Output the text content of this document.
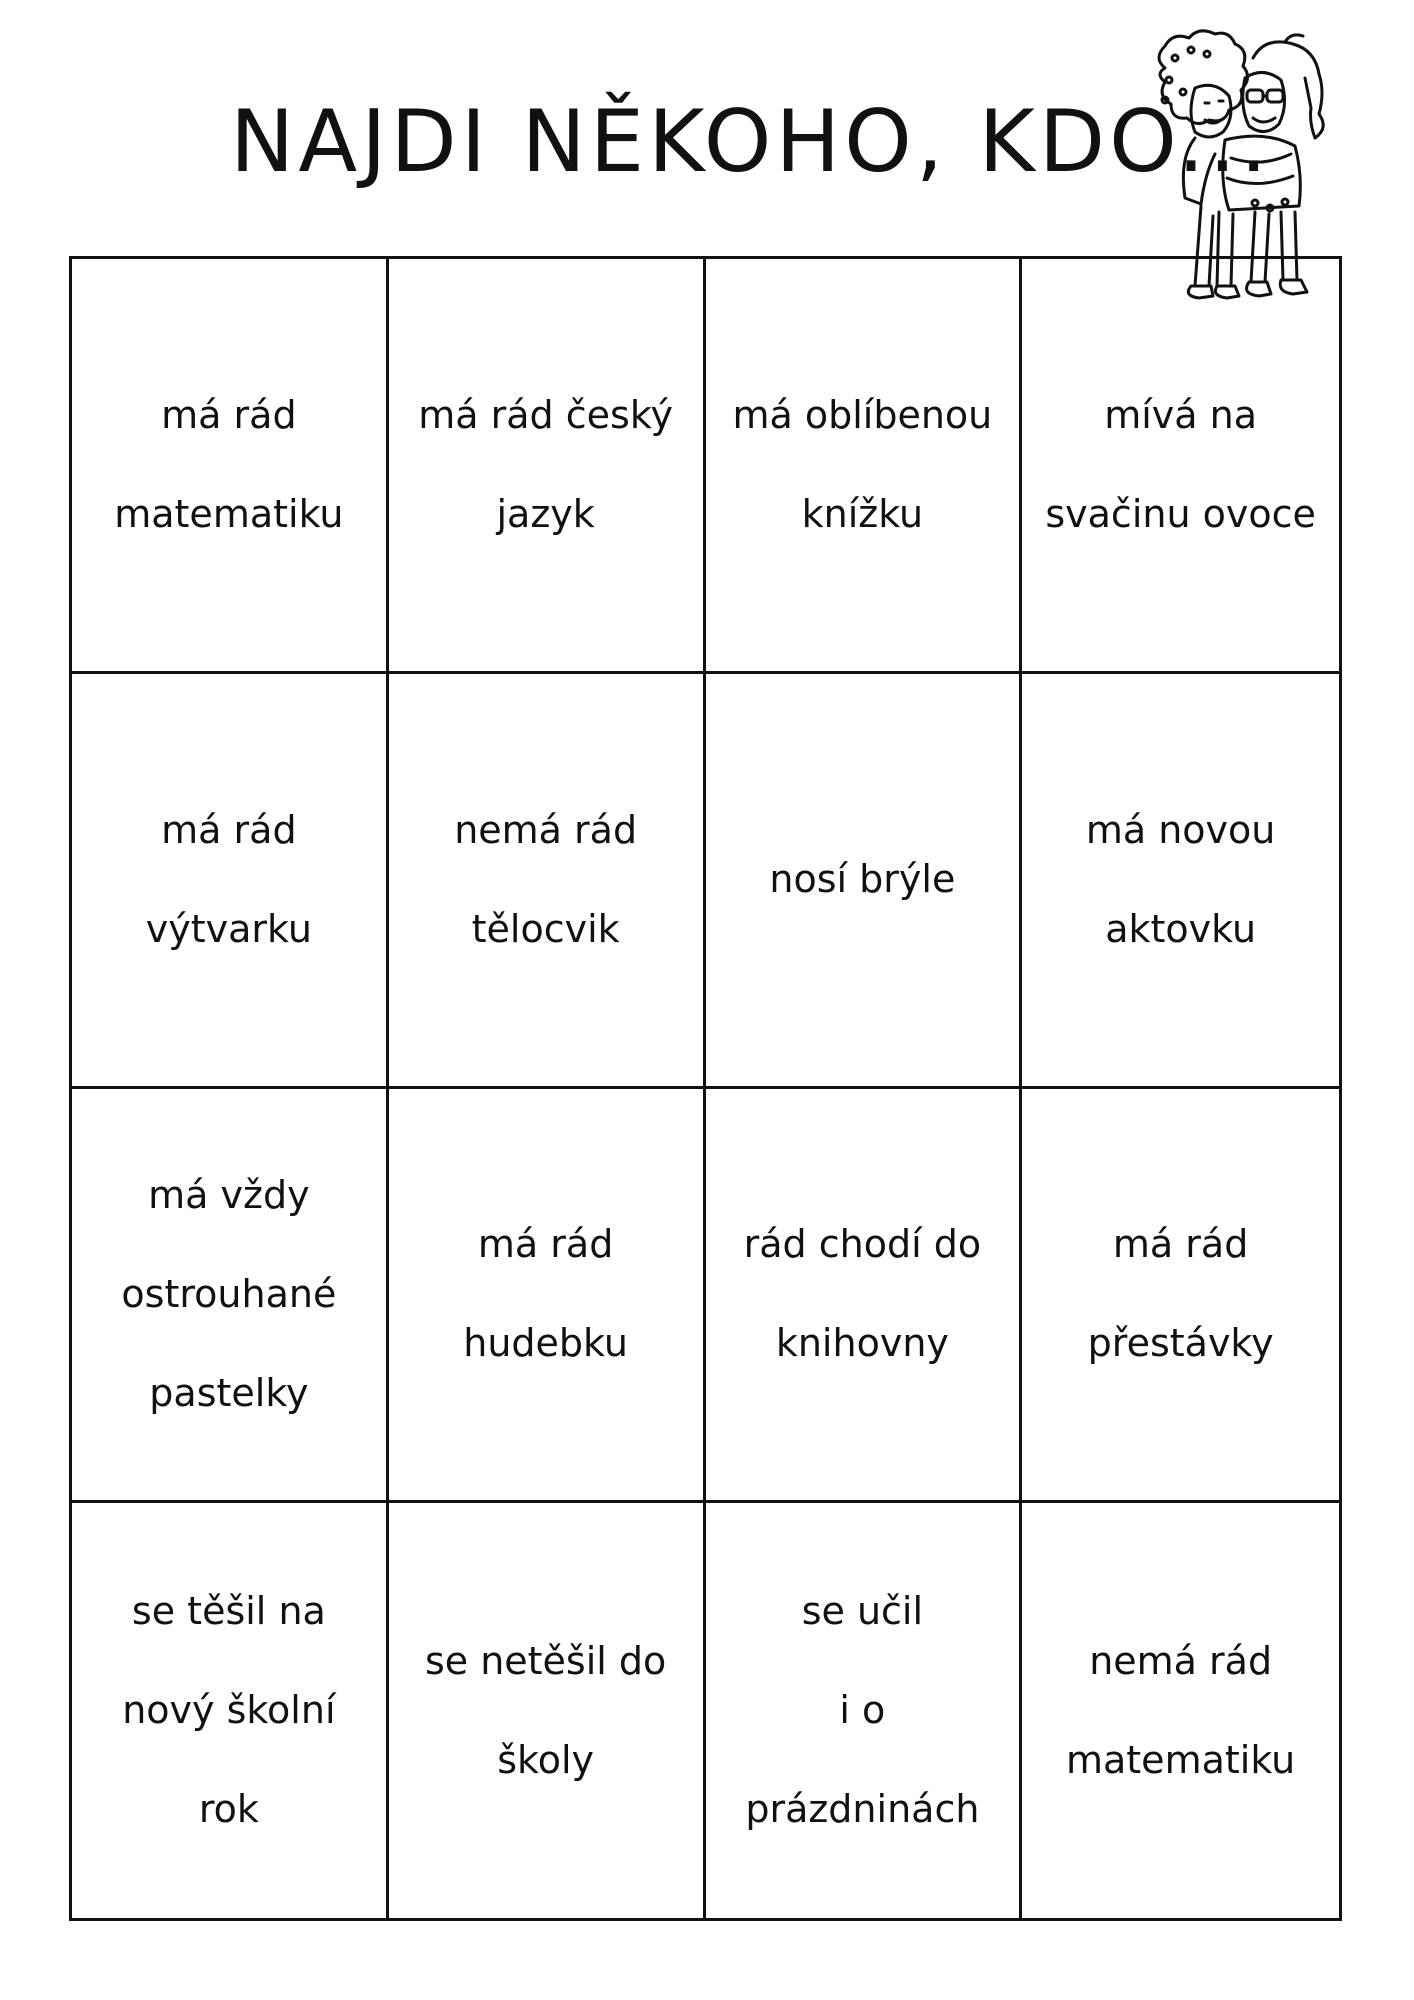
NAJDI NĚKOHO, KDO...
má rád
matematiku
má rád český
jazyk
má oblíbenou
knížku
mívá na
svačinu ovoce
má rád
výtvarku
nemá rád
tělocvik
nosí brýle
má novou
aktovku
má vždy
ostrouhané
pastelky
má rád
hudebku
rád chodí do
knihovny
má rád
přestávky
se těšil na
nový školní
rok
se netěšil do
školy
se učil
i o
prázdninách
nemá rád
matematiku
